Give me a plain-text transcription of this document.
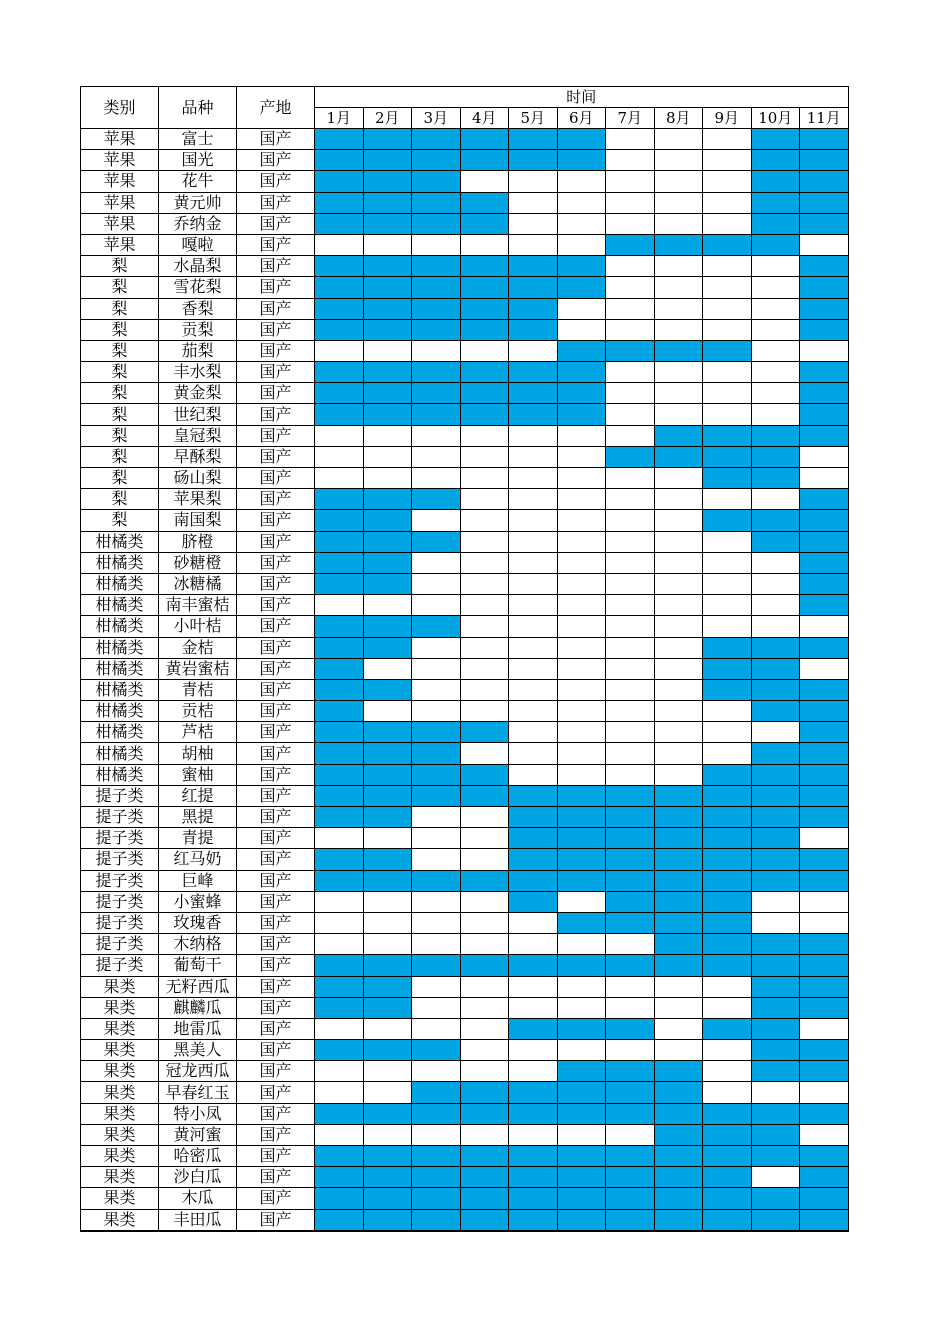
类别	品种	产地	时间										
			1月	2月	3月	4月	5月	6月	7月	8月	9月	10月	11月
苹果	富士	国产											
苹果	国光	国产											
苹果	花牛	国产											
苹果	黄元帅	国产											
苹果	乔纳金	国产											
苹果	嘎啦	国产											
梨	水晶梨	国产											
梨	雪花梨	国产											
梨	香梨	国产											
梨	贡梨	国产											
梨	茄梨	国产											
梨	丰水梨	国产											
梨	黄金梨	国产											
梨	世纪梨	国产											
梨	皇冠梨	国产											
梨	早酥梨	国产											
梨	砀山梨	国产											
梨	苹果梨	国产											
梨	南国梨	国产											
柑橘类	脐橙	国产											
柑橘类	砂糖橙	国产											
柑橘类	冰糖橘	国产											
柑橘类	南丰蜜桔	国产											
柑橘类	小叶桔	国产											
柑橘类	金桔	国产											
柑橘类	黄岩蜜桔	国产											
柑橘类	青桔	国产											
柑橘类	贡桔	国产											
柑橘类	芦桔	国产											
柑橘类	胡柚	国产											
柑橘类	蜜柚	国产											
提子类	红提	国产											
提子类	黑提	国产											
提子类	青提	国产											
提子类	红马奶	国产											
提子类	巨峰	国产											
提子类	小蜜蜂	国产											
提子类	玫瑰香	国产											
提子类	木纳格	国产											
提子类	葡萄干	国产											
果类	无籽西瓜	国产											
果类	麒麟瓜	国产											
果类	地雷瓜	国产											
果类	黑美人	国产											
果类	冠龙西瓜	国产											
果类	早春红玉	国产											
果类	特小凤	国产											
果类	黄河蜜	国产											
果类	哈密瓜	国产											
果类	沙白瓜	国产											
果类	木瓜	国产											
果类	丰田瓜	国产											
